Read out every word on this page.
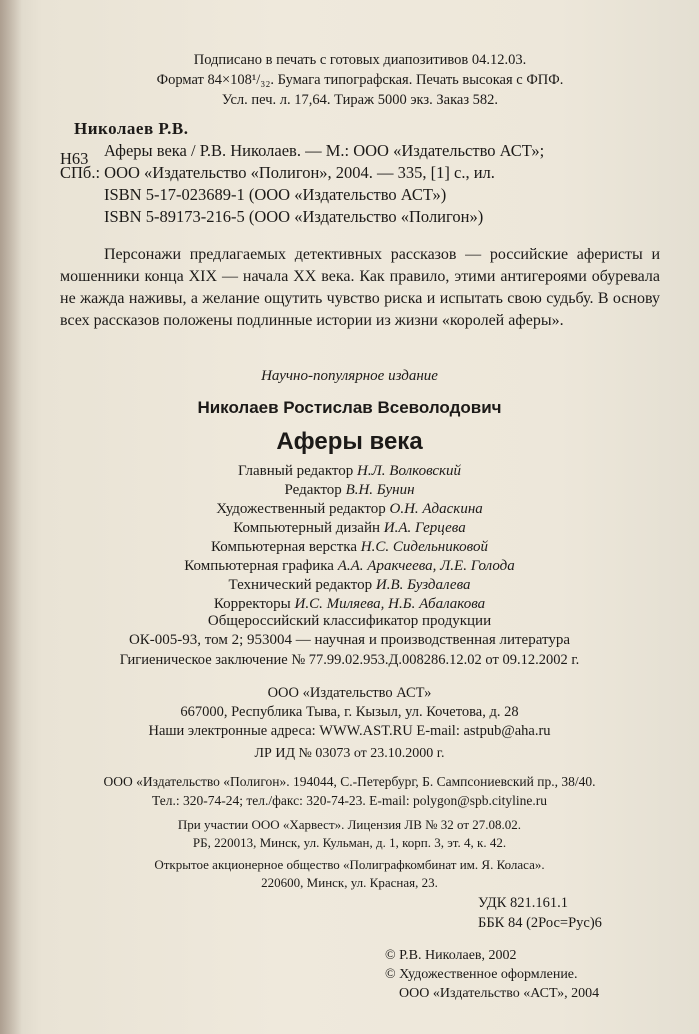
Подписано в печать с готовых диапозитивов 04.12.03.
Формат 84×108¹/₃₂. Бумага типографская. Печать высокая с ФПФ.
Усл. печ. л. 17,64. Тираж 5000 экз. Заказ 582.
Николаев Р.В.
Н63 Аферы века / Р.В. Николаев. — М.: ООО «Издательство АСТ»;

СПб.: ООО «Издательство «Полигон», 2004. — 335, [1] с., ил.

ISBN 5-17-023689-1 (ООО «Издательство АСТ»)

ISBN 5-89173-216-5 (ООО «Издательство «Полигон»)

Персонажи предлагаемых детективных рассказов — российские аферисты и мошенники конца XIX — начала XX века. Как правило, этими антигероями обуревала не жажда наживы, а желание ощутить чувство риска и испытать свою судьбу. В основу всех рассказов положены подлинные истории из жизни «королей аферы».

Научно-популярное издание
Николаев Ростислав Всеволодович
Аферы века
Главный редактор Н.Л. Волковский
Редактор В.Н. Бунин
Художественный редактор О.Н. Адаскина
Компьютерный дизайн И.А. Герцева
Компьютерная верстка Н.С. Сидельниковой
Компьютерная графика А.А. Аракчеева, Л.Е. Голода
Технический редактор И.В. Буздалева
Корректоры И.С. Миляева, Н.Б. Абалакова
Общероссийский классификатор продукции
ОК-005-93, том 2; 953004 — научная и производственная литература
Гигиеническое заключение № 77.99.02.953.Д.008286.12.02 от 09.12.2002 г.
ООО «Издательство АСТ»
667000, Республика Тыва, г. Кызыл, ул. Кочетова, д. 28
Наши электронные адреса: WWW.AST.RU E-mail: astpub@aha.ru
ЛР ИД № 03073 от 23.10.2000 г.
ООО «Издательство «Полигон». 194044, С.-Петербург, Б. Сампсониевский пр., 38/40.
Тел.: 320-74-24; тел./факс: 320-74-23. E-mail: polygon@spb.cityline.ru
При участии ООО «Харвест». Лицензия ЛВ № 32 от 27.08.02.
РБ, 220013, Минск, ул. Кульман, д. 1, корп. 3, эт. 4, к. 42.
Открытое акционерное общество «Полиграфкомбинат им. Я. Коласа».
220600, Минск, ул. Красная, 23.
УДК 821.161.1
ББК 84 (2Рос=Рус)6
© Р.В. Николаев, 2002
© Художественное оформление.
ООО «Издательство «АСТ», 2004
